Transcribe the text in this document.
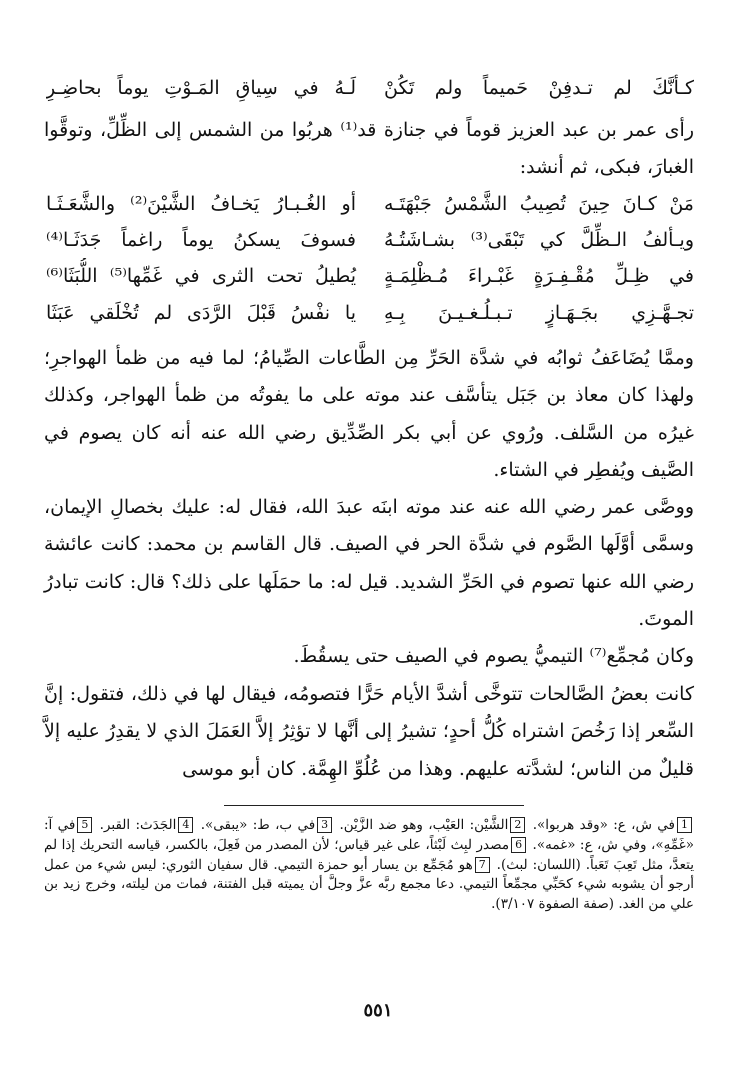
كـأنَّكَ لم تـدفِنْ حَميماً ولم تَكُنْ
لَـهُ في سِياقِ المَـوْتِ يوماً بحاضِـرِ

رأى عمر بن عبد العزيز قوماً في جنازة قد⁽¹⁾ هربُوا من الشمس إلى الظِّلِّ، وتوقَّوا الغبارَ، فبكى، ثم أنشد:

مَنْ كـانَ حِينَ تُصِيبُ الشَّمْسُ جَبْهَتَـه
أو الغُـبـارُ يَخـافُ الشَّيْنَ⁽²⁾ والشَّعَـثَـا
ويـألفُ الـظِّلَّ كي تَبْقَى⁽³⁾ بشـاشَتُـهُ
فسوفَ يسكنُ يوماً راغماً جَدَثَـا⁽⁴⁾
في ظِـلِّ مُقْـفِـرَةٍ غَبْـراءَ مُـظْلِمَـةٍ
يُطيلُ تحت الثرى في غَمِّها⁽⁵⁾ اللُّبَثَا⁽⁶⁾
تجـهَّـزِي بجَـهَـازٍ تـبـلُـغـيـنَ بِـهِ
يا نفْسُ قَبْلَ الرَّدَى لم تُخْلَقي عَبَثَا

وممَّا يُضَاعَفُ ثوابُه في شدَّة الحَرِّ مِن الطَّاعات الصِّيامُ؛ لما فيه من ظمأ الهواجرِ؛ ولهذا كان معاذ بن جَبَل يتأسَّف عند موته على ما يفوتُه من ظمأ الهواجر، وكذلك غيرُه من السَّلف. ورُوي عن أبي بكر الصِّدِّيق رضي الله عنه أنه كان يصوم في الصَّيف ويُفطِر في الشتاء.

ووصَّى عمر رضي الله عنه عند موته ابنَه عبدَ الله، فقال له: عليك بخصالِ الإيمان، وسمَّى أوَّلَها الصَّوم في شدَّة الحر في الصيف. قال القاسم بن محمد: كانت عائشة رضي الله عنها تصوم في الحَرِّ الشديد. قيل له: ما حمَلَها على ذلك؟ قال: كانت تبادرُ الموتَ.

وكان مُجمِّع⁽⁷⁾ التيميُّ يصوم في الصيف حتى يسقُطَ.

كانت بعضُ الصَّالحات تتوخَّى أشدَّ الأيام حَرًّا فتصومُه، فيقال لها في ذلك، فتقول: إنَّ السِّعر إذا رَخُصَ اشتراه كُلُّ أحدٍ؛ تشيرُ إلى أنَّها لا تؤثِرُ إلاَّ العَمَلَ الذي لا يقدِرُ عليه إلاَّ قليلٌ من الناس؛ لشدَّته عليهم. وهذا من عُلُوِّ الهِمَّة. كان أبو موسى

1في ش، ع: «وقد هربوا». 2الشَّيْن: العَيْب، وهو ضد الزَّيْن. 3في ب، ط: «يبقى». 4الجَدَث: القبر. 5في آ: «غَمِّهِ»، وفي ش، ع: «غمه». 6مصدر لبِث لَبْثاً، على غير قياس؛ لأن المصدر من فَعِلَ، بالكسر، قياسه التحريك إذا لم يتعدَّ، مثل تَعِبَ تَعَباً. (اللسان: لبث). 7هو مُجَمِّع بن يسار أبو حمزة التيمي. قال سفيان الثوري: ليس شيء من عمل أرجو أن يشوبه شيء كحَبِّي مجمِّعاً التيمي. دعا مجمع ربَّه عزَّ وجلَّ أن يميته قبل الفتنة، فمات من ليلته، وخرج زيد بن علي من الغد. (صفة الصفوة ٣/١٠٧).

٥٥١
